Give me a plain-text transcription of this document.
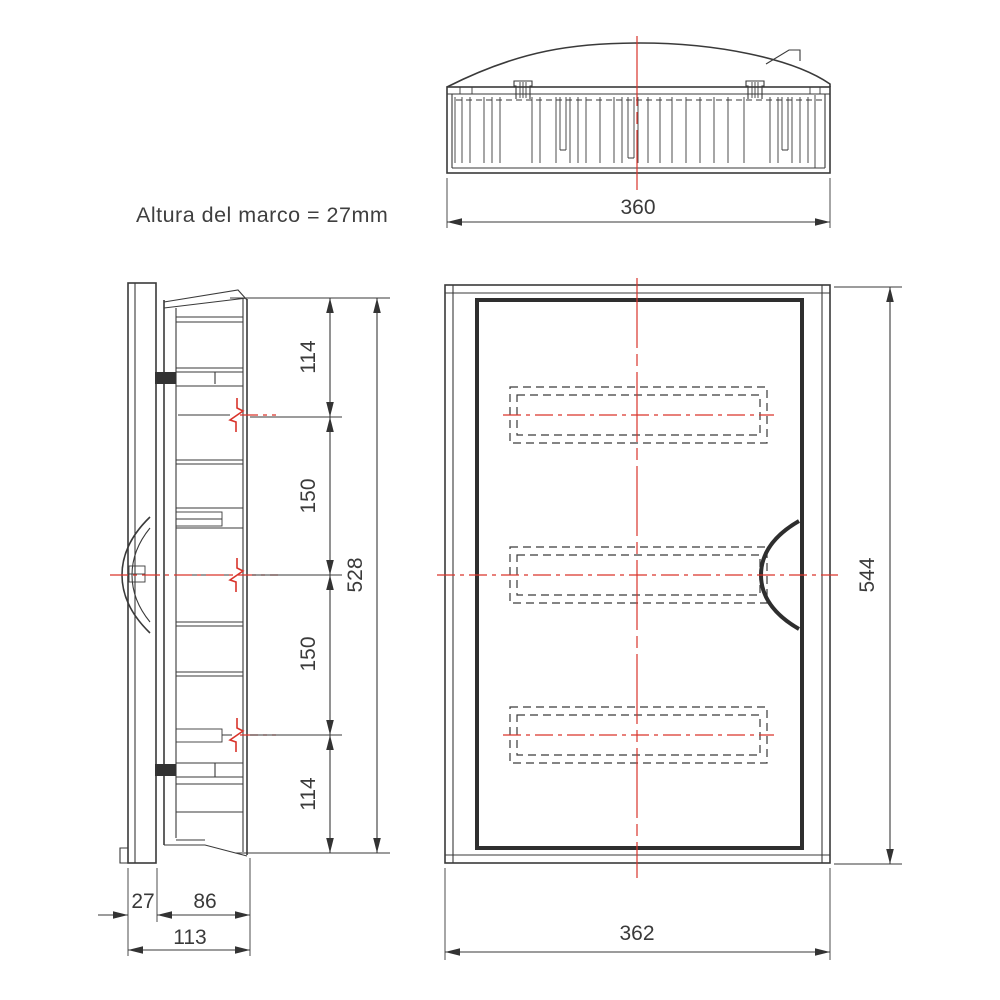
360
114
150
150
114
528
27 86
113
544
362
Altura del marco = 27mm
